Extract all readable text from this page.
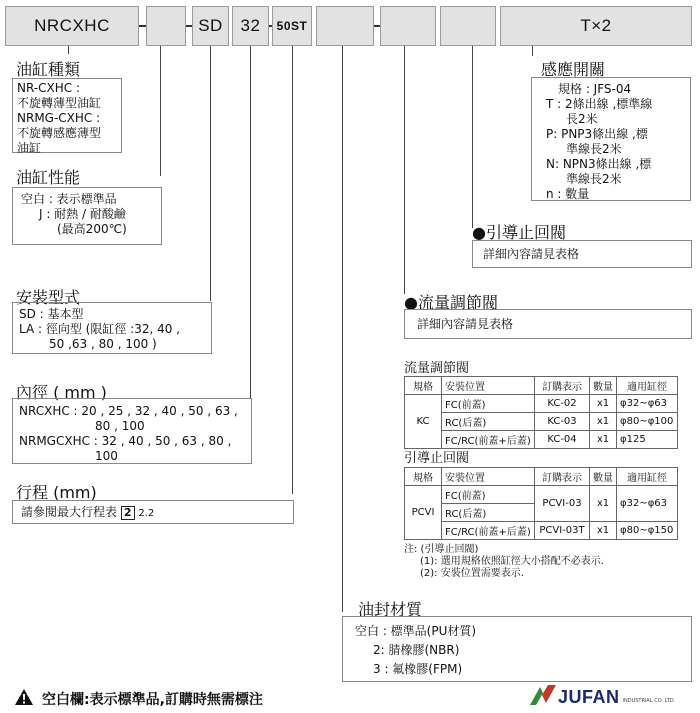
NRCXHC	SD	32	50ST	T×2
油缸種類
NR-CXHC :
不旋轉薄型油缸
NRMG-CXHC :
不旋轉感應薄型
油缸
油缸性能
空白 : 表示標準品
J : 耐熱 / 耐酸鹼
(最高200℃)
安裝型式
SD : 基本型
LA : 徑向型 (限缸徑 :32, 40 ,
50 ,63 , 80 , 100 )
內徑 ( mm )
NRCXHC : 20 , 25 , 32 , 40 , 50 , 63 ,
80 , 100
NRMGCXHC : 32 , 40 , 50 , 63 , 80 ,
100
行程 (mm)
請參閱最大行程表 2 2.2
感應開關
規格 : JFS-04
T : 2條出線 ,標準線
長2米
P: PNP3條出線 ,標
準線長2米
N: NPN3條出線 ,標
準線長2米
n : 數量
●引導止回閥
詳細內容請見表格
●流量調節閥
詳細內容請見表格
流量調節閥
規格	安裝位置	訂購表示	數量	適用缸徑
KC	FC(前蓋)	KC-02	x1	φ32~φ63
	RC(后蓋)	KC-03	x1	φ80~φ100
	FC/RC(前蓋+后蓋)	KC-04	x1	φ125
引導止回閥
規格	安裝位置	訂購表示	數量	適用缸徑
PCVI	FC(前蓋)	PCVI-03	x1	φ32~φ63
	RC(后蓋)			
	FC/RC(前蓋+后蓋)	PCVI-03T	x1	φ80~φ150
注: (引導止回閥)
(1): 選用規格依照缸徑大小搭配不必表示.
(2): 安裝位置需要表示.
油封材質
空白 : 標準品(PU材質)
2: 腈橡膠(NBR)
3 : 氟橡膠(FPM)
空白欄:表示標準品,訂購時無需標注	JUFAN INDUSTRIAL CO. LTD.
